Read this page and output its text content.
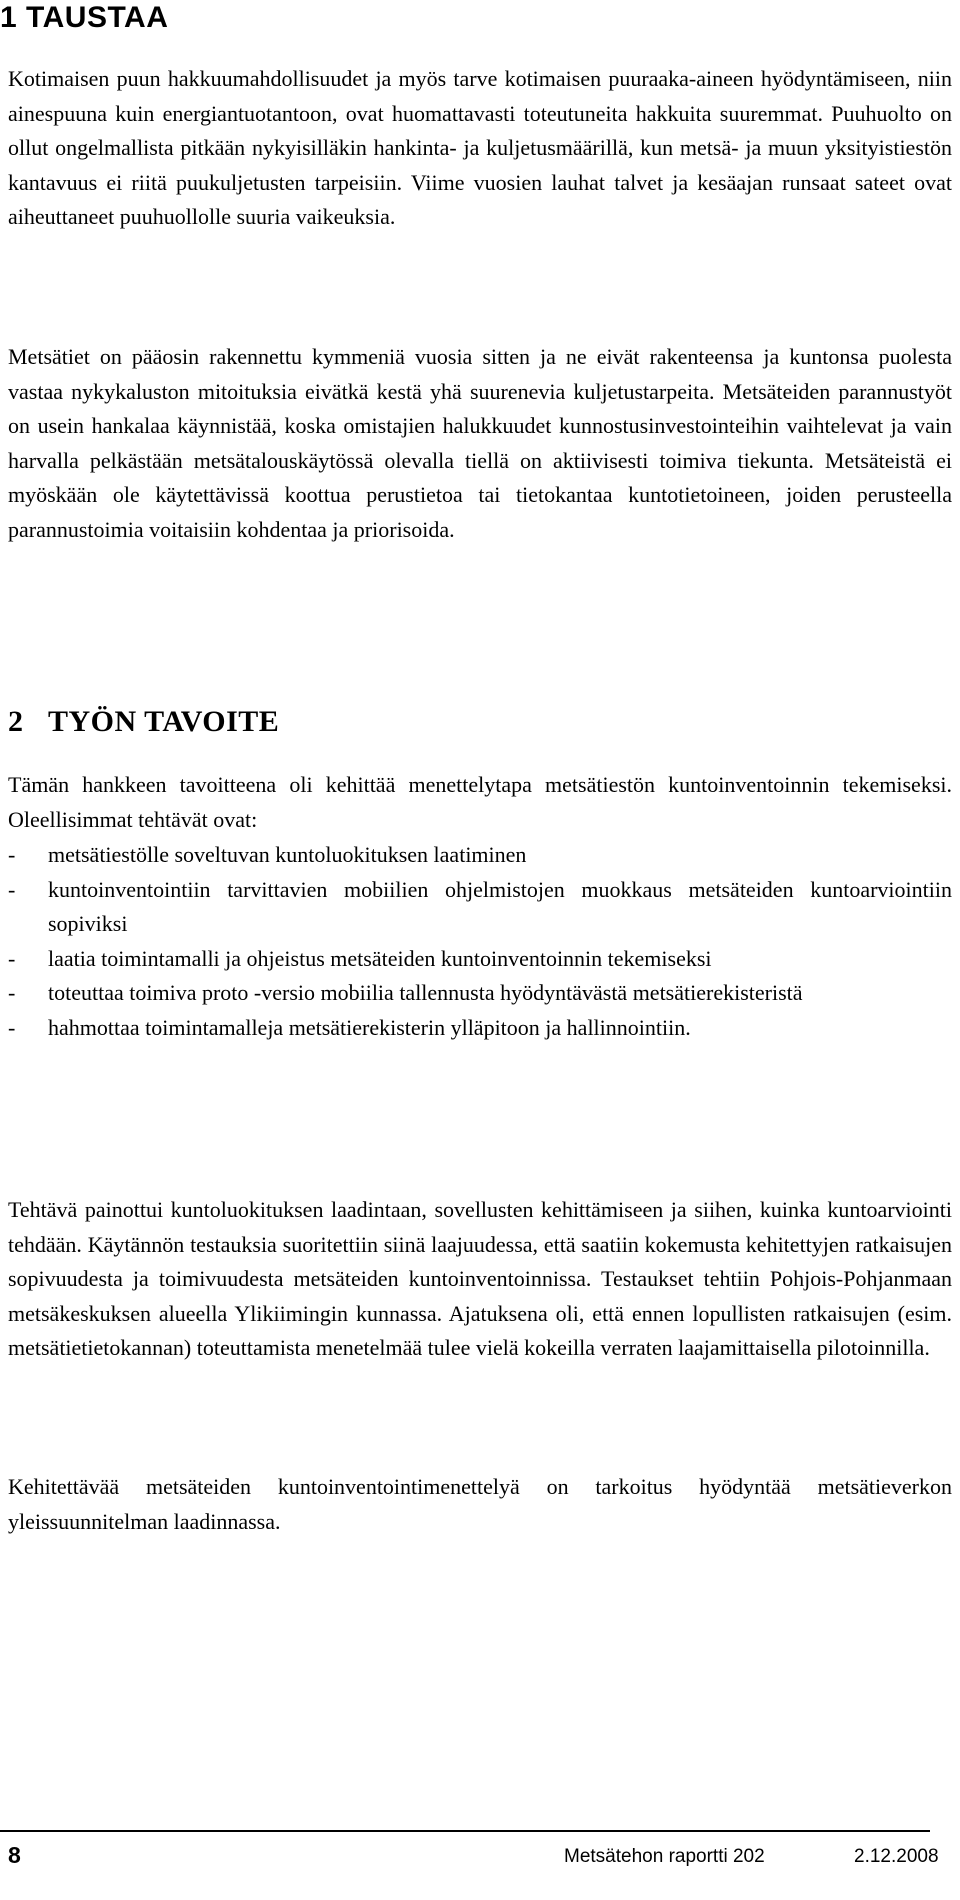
1 TAUSTAA

Kotimaisen puun hakkuumahdollisuudet ja myös tarve kotimaisen puuraaka-aineen hyödyntämiseen, niin ainespuuna kuin energiantuotantoon, ovat huomattavasti toteutuneita hakkuita suuremmat. Puuhuolto on ollut ongelmallista pitkään nykyisilläkin hankinta- ja kuljetusmäärillä, kun metsä- ja muun yksityistiestön kantavuus ei riitä puukuljetusten tarpeisiin. Viime vuosien lauhat talvet ja kesäajan runsaat sateet ovat aiheuttaneet puuhuollolle suuria vaikeuksia.

Metsätiet on pääosin rakennettu kymmeniä vuosia sitten ja ne eivät rakenteensa ja kuntonsa puolesta vastaa nykykaluston mitoituksia eivätkä kestä yhä suurenevia kuljetustarpeita. Metsäteiden parannustyöt on usein hankalaa käynnistää, koska omistajien halukkuudet kunnostusinvestointeihin vaihtelevat ja vain harvalla pelkästään metsätalouskäytössä olevalla tiellä on aktiivisesti toimiva tiekunta. Metsäteistä ei myöskään ole käytettävissä koottua perustietoa tai tietokantaa kuntotietoineen, joiden perusteella parannustoimia voitaisiin kohdentaa ja priorisoida.

2 TYÖN TAVOITE

Tämän hankkeen tavoitteena oli kehittää menettelytapa metsätiestön kuntoinventoinnin tekemiseksi. Oleellisimmat tehtävät ovat:

- metsätiestölle soveltuvan kuntoluokituksen laatiminen
- kuntoinventointiin tarvittavien mobiilien ohjelmistojen muokkaus metsäteiden kuntoarviointiin sopiviksi
- laatia toimintamalli ja ohjeistus metsäteiden kuntoinventoinnin tekemiseksi
- toteuttaa toimiva proto -versio mobiilia tallennusta hyödyntävästä metsätierekisteristä
- hahmottaa toimintamalleja metsätierekisterin ylläpitoon ja hallinnointiin.

Tehtävä painottui kuntoluokituksen laadintaan, sovellusten kehittämiseen ja siihen, kuinka kuntoarviointi tehdään. Käytännön testauksia suoritettiin siinä laajuudessa, että saatiin kokemusta kehitettyjen ratkaisujen sopivuudesta ja toimivuudesta metsäteiden kuntoinventoinnissa. Testaukset tehtiin Pohjois-Pohjanmaan metsäkeskuksen alueella Ylikiimingin kunnassa. Ajatuksena oli, että ennen lopullisten ratkaisujen (esim. metsätietietokannan) toteuttamista menetelmää tulee vielä kokeilla verraten laajamittaisella pilotoinnilla.

Kehitettävää metsäteiden kuntoinventointimenettelyä on tarkoitus hyödyntää metsätieverkon yleissuunnitelman laadinnassa.

8	Metsätehon raportti 202	2.12.2008
